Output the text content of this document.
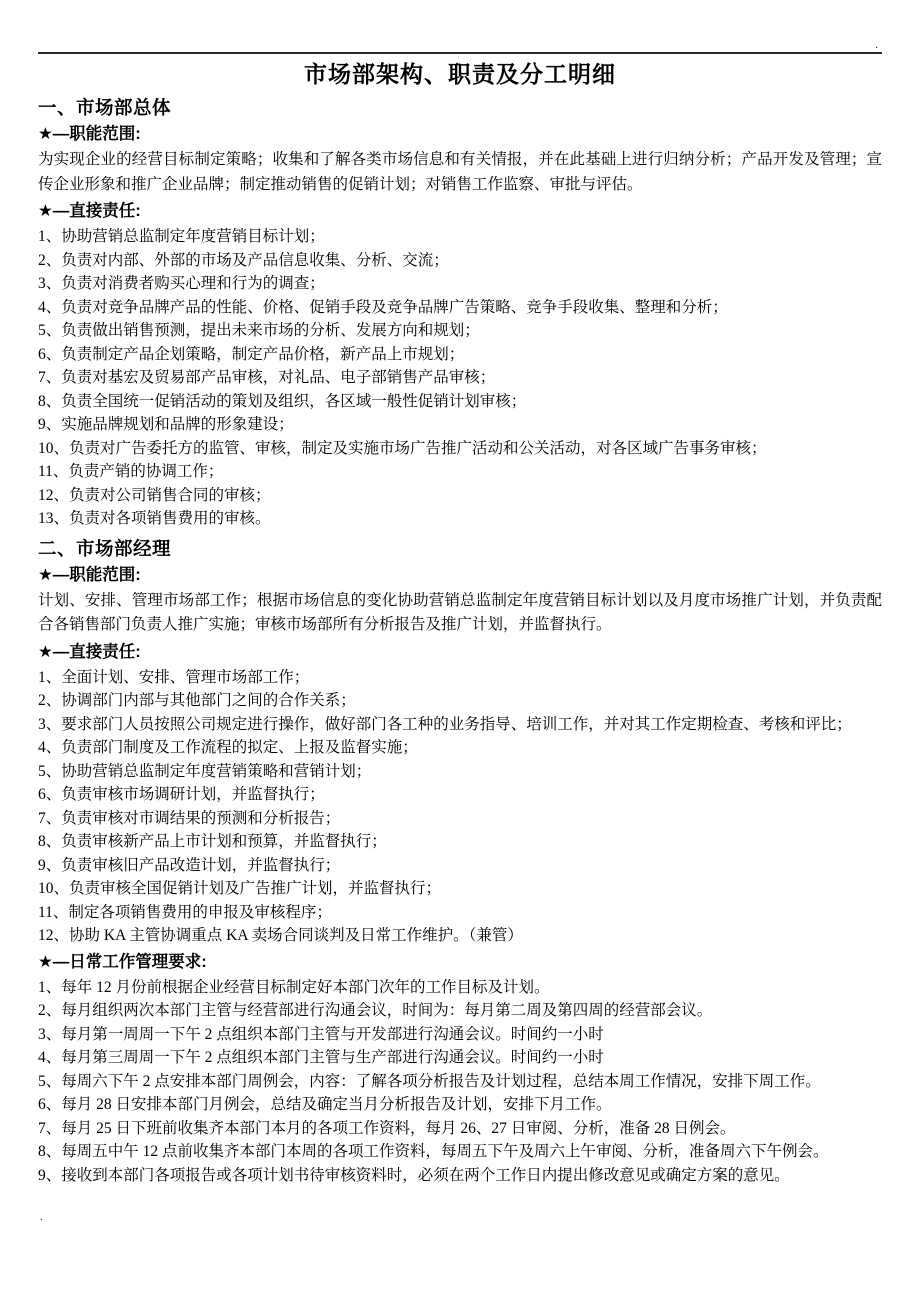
.
市场部架构、职责及分工明细
一、市场部总体
★—职能范围:

为实现企业的经营目标制定策略；收集和了解各类市场信息和有关情报，并在此基础上进行归纳分析；产品开发及管理；宣传企业形象和推广企业品牌；制定推动销售的促销计划；对销售工作监察、审批与评估。

★—直接责任:
1、协助营销总监制定年度营销目标计划；
2、负责对内部、外部的市场及产品信息收集、分析、交流；
3、负责对消费者购买心理和行为的调查；
4、负责对竞争品牌产品的性能、价格、促销手段及竞争品牌广告策略、竞争手段收集、整理和分析；
5、负责做出销售预测，提出未来市场的分析、发展方向和规划；
6、负责制定产品企划策略，制定产品价格，新产品上市规划；
7、负责对基宏及贸易部产品审核，对礼品、电子部销售产品审核；
8、负责全国统一促销活动的策划及组织，各区域一般性促销计划审核；
9、实施品牌规划和品牌的形象建设；
10、负责对广告委托方的监管、审核，制定及实施市场广告推广活动和公关活动，对各区域广告事务审核；
11、负责产销的协调工作；
12、负责对公司销售合同的审核；
13、负责对各项销售费用的审核。
二、市场部经理
★—职能范围:

计划、安排、管理市场部工作；根据市场信息的变化协助营销总监制定年度营销目标计划以及月度市场推广计划，并负责配合各销售部门负责人推广实施；审核市场部所有分析报告及推广计划，并监督执行。

★—直接责任:
1、全面计划、安排、管理市场部工作；
2、协调部门内部与其他部门之间的合作关系；
3、要求部门人员按照公司规定进行操作，做好部门各工种的业务指导、培训工作，并对其工作定期检查、考核和评比；
4、负责部门制度及工作流程的拟定、上报及监督实施；
5、协助营销总监制定年度营销策略和营销计划；
6、负责审核市场调研计划，并监督执行；
7、负责审核对市调结果的预测和分析报告；
8、负责审核新产品上市计划和预算，并监督执行；
9、负责审核旧产品改造计划，并监督执行；
10、负责审核全国促销计划及广告推广计划，并监督执行；
11、制定各项销售费用的申报及审核程序；
12、协助 KA 主管协调重点 KA 卖场合同谈判及日常工作维护。（兼管）
★—日常工作管理要求:
1、每年 12 月份前根据企业经营目标制定好本部门次年的工作目标及计划。
2、每月组织两次本部门主管与经营部进行沟通会议，时间为：每月第二周及第四周的经营部会议。
3、每月第一周周一下午 2 点组织本部门主管与开发部进行沟通会议。时间约一小时
4、每月第三周周一下午 2 点组织本部门主管与生产部进行沟通会议。时间约一小时
5、每周六下午 2 点安排本部门周例会，内容：了解各项分析报告及计划过程，总结本周工作情况，安排下周工作。
6、每月 28 日安排本部门月例会，总结及确定当月分析报告及计划，安排下月工作。
7、每月 25 日下班前收集齐本部门本月的各项工作资料，每月 26、27 日审阅、分析，准备 28 日例会。
8、每周五中午 12 点前收集齐本部门本周的各项工作资料，每周五下午及周六上午审阅、分析，准备周六下午例会。
9、接收到本部门各项报告或各项计划书待审核资料时，必须在两个工作日内提出修改意见或确定方案的意见。
.
